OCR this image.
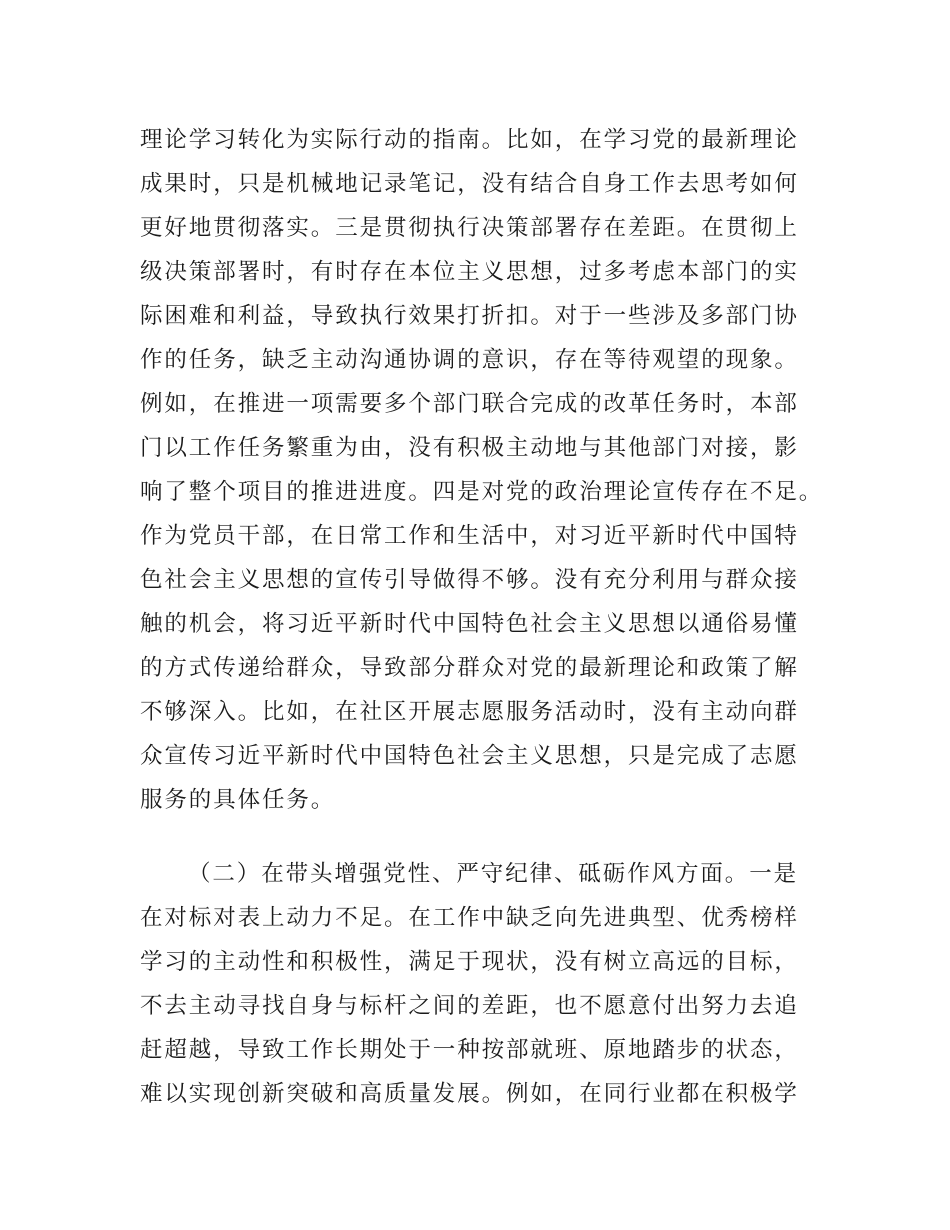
理论学习转化为实际行动的指南。比如，在学习党的最新理论
成果时，只是机械地记录笔记，没有结合自身工作去思考如何
更好地贯彻落实。三是贯彻执行决策部署存在差距。在贯彻上
级决策部署时，有时存在本位主义思想，过多考虑本部门的实
际困难和利益，导致执行效果打折扣。对于一些涉及多部门协
作的任务，缺乏主动沟通协调的意识，存在等待观望的现象。
例如，在推进一项需要多个部门联合完成的改革任务时，本部
门以工作任务繁重为由，没有积极主动地与其他部门对接，影
响了整个项目的推进进度。四是对党的政治理论宣传存在不足。
作为党员干部，在日常工作和生活中，对习近平新时代中国特
色社会主义思想的宣传引导做得不够。没有充分利用与群众接
触的机会，将习近平新时代中国特色社会主义思想以通俗易懂
的方式传递给群众，导致部分群众对党的最新理论和政策了解
不够深入。比如，在社区开展志愿服务活动时，没有主动向群
众宣传习近平新时代中国特色社会主义思想，只是完成了志愿
服务的具体任务。
（二）在带头增强党性、严守纪律、砥砺作风方面。一是
在对标对表上动力不足。在工作中缺乏向先进典型、优秀榜样
学习的主动性和积极性，满足于现状，没有树立高远的目标，
不去主动寻找自身与标杆之间的差距，也不愿意付出努力去追
赶超越，导致工作长期处于一种按部就班、原地踏步的状态，
难以实现创新突破和高质量发展。例如，在同行业都在积极学
